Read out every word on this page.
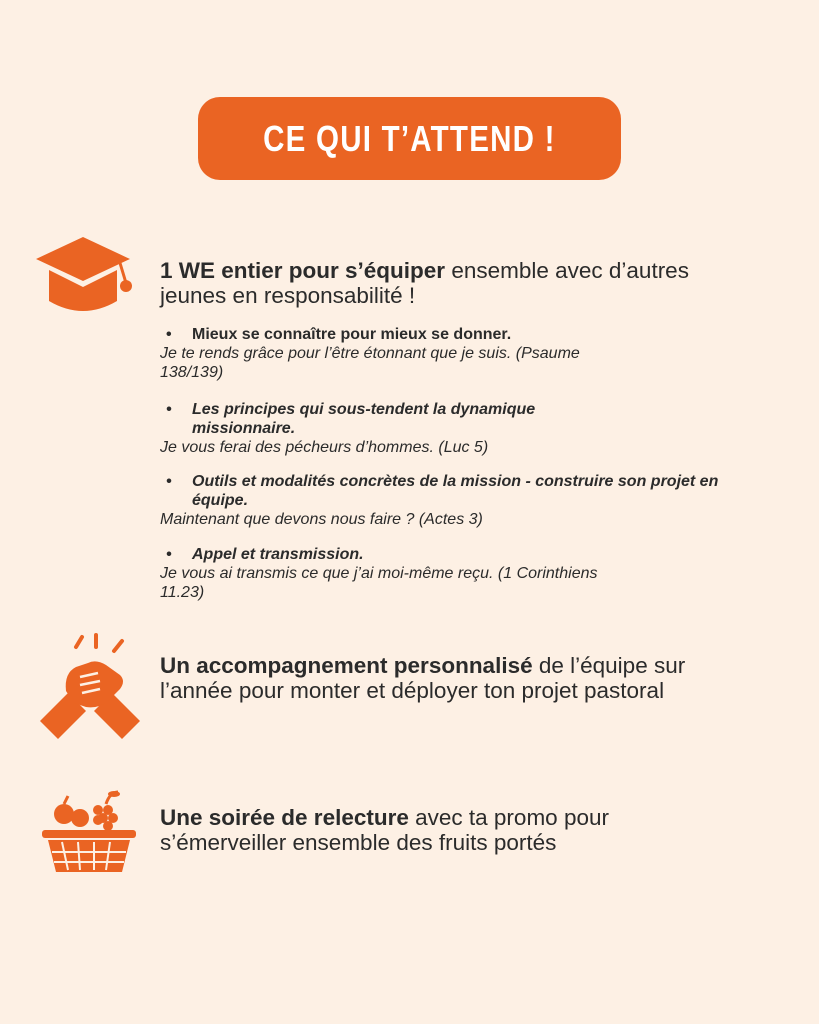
CE QUI T’ATTEND !
1 WE entier pour s’équiper ensemble avec d’autres jeunes en responsabilité !
• Mieux se connaître pour mieux se donner.
Je te rends grâce pour l’être étonnant que je suis. (Psaume 138/139)
• Les principes qui sous-tendent la dynamique missionnaire.
Je vous ferai des pécheurs d’hommes. (Luc 5)
• Outils et modalités concrètes de la mission - construire son projet en équipe.
Maintenant que devons nous faire ? (Actes 3)
• Appel et transmission.
Je vous ai transmis ce que j’ai moi-même reçu. (1 Corinthiens 11.23)
Un accompagnement personnalisé de l’équipe sur l’année pour monter et déployer ton projet pastoral
Une soirée de relecture avec ta promo pour s’émerveiller ensemble des fruits portés
